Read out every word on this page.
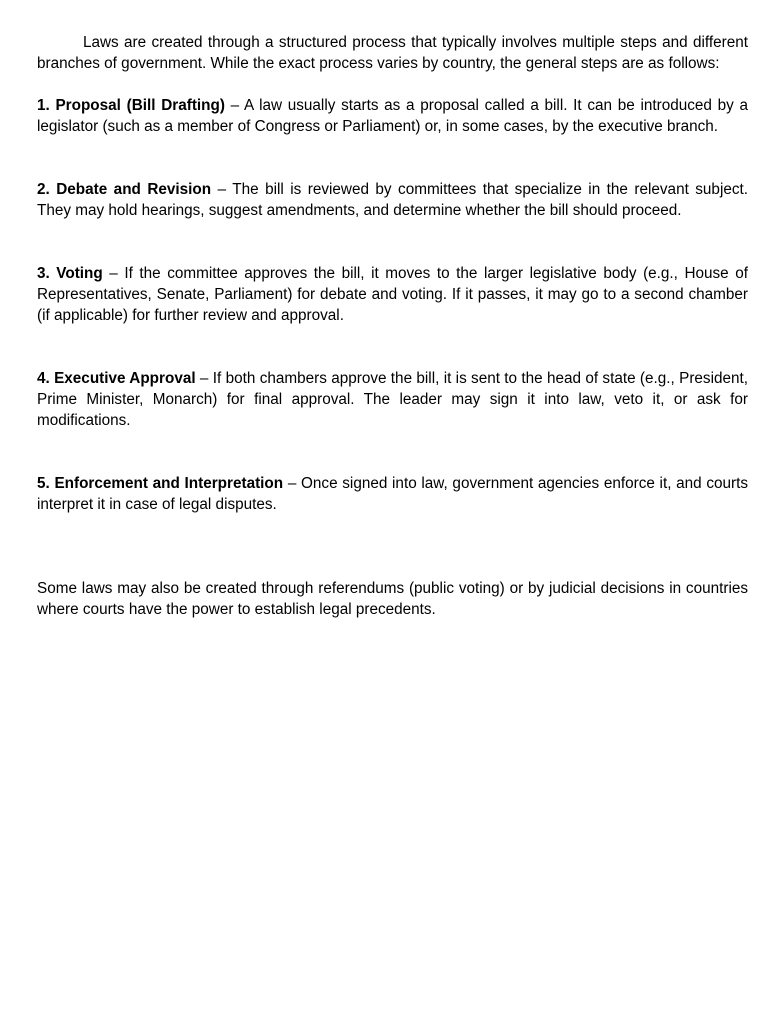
Laws are created through a structured process that typically involves multiple steps and different branches of government. While the exact process varies by country, the general steps are as follows:

1. Proposal (Bill Drafting) – A law usually starts as a proposal called a bill. It can be introduced by a legislator (such as a member of Congress or Parliament) or, in some cases, by the executive branch.

2. Debate and Revision – The bill is reviewed by committees that specialize in the relevant subject. They may hold hearings, suggest amendments, and determine whether the bill should proceed.

3. Voting – If the committee approves the bill, it moves to the larger legislative body (e.g., House of Representatives, Senate, Parliament) for debate and voting. If it passes, it may go to a second chamber (if applicable) for further review and approval.

4. Executive Approval – If both chambers approve the bill, it is sent to the head of state (e.g., President, Prime Minister, Monarch) for final approval. The leader may sign it into law, veto it, or ask for modifications.

5. Enforcement and Interpretation – Once signed into law, government agencies enforce it, and courts interpret it in case of legal disputes.

Some laws may also be created through referendums (public voting) or by judicial decisions in countries where courts have the power to establish legal precedents.
